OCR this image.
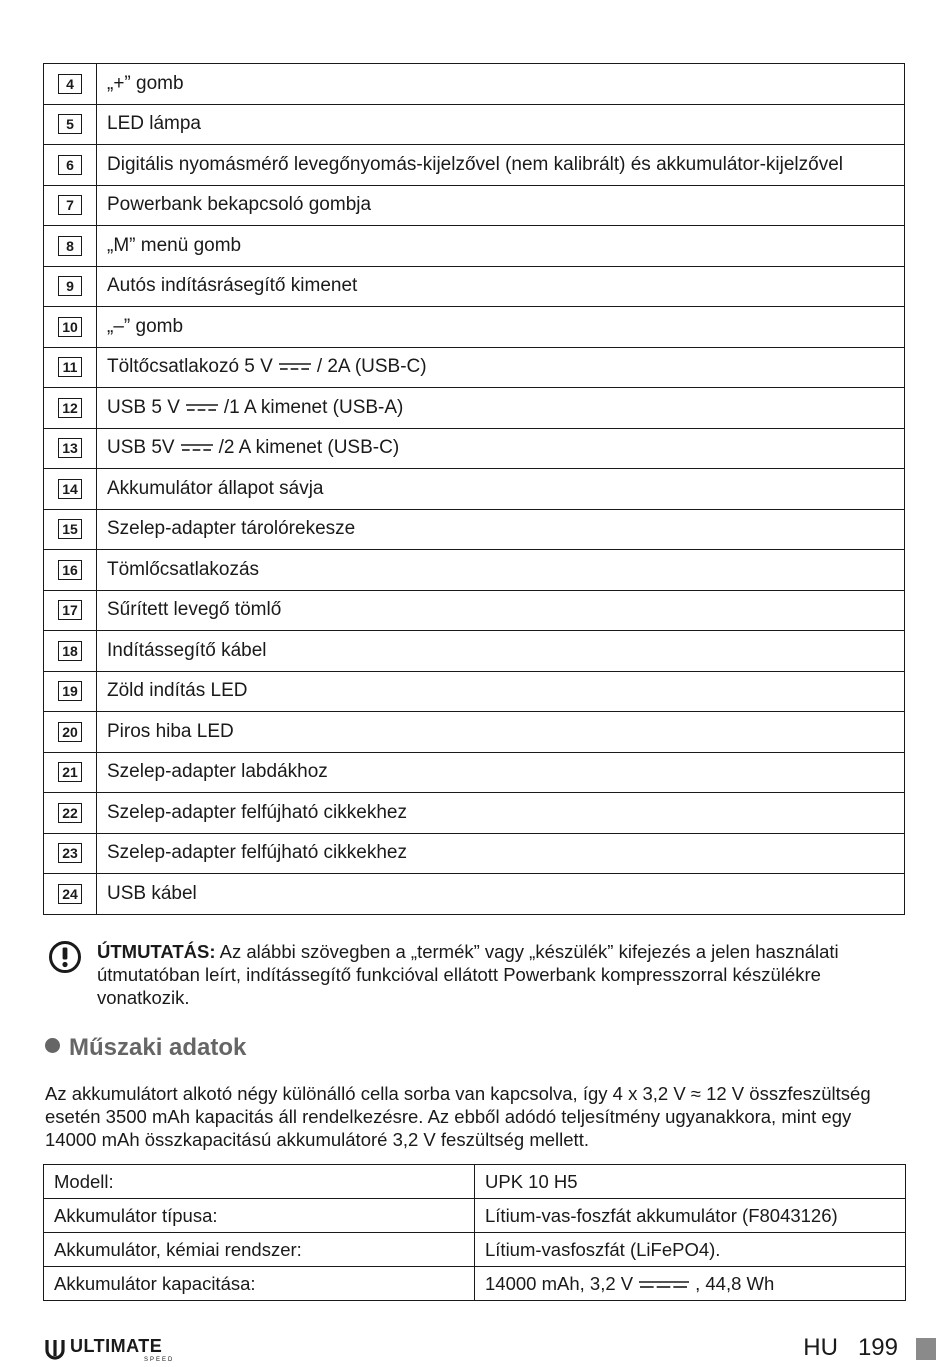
4	„+” gomb
5	LED lámpa
6	Digitális nyomásmérő levegőnyomás-kijelzővel (nem kalibrált) és akkumulátor-kijelzővel
7	Powerbank bekapcsoló gombja
8	„M” menü gomb
9	Autós indításrásegítő kimenet
10	„–” gomb
11	Töltőcsatlakozó 5 V / 2A (USB-C)
12	USB 5 V /1 A kimenet (USB-A)
13	USB 5V /2 A kimenet (USB-C)
14	Akkumulátor állapot sávja
15	Szelep-adapter tárolórekesze
16	Tömlőcsatlakozás
17	Sűrített levegő tömlő
18	Indítássegítő kábel
19	Zöld indítás LED
20	Piros hiba LED
21	Szelep-adapter labdákhoz
22	Szelep-adapter felfújható cikkekhez
23	Szelep-adapter felfújható cikkekhez
24	USB kábel
ÚTMUTATÁS: Az alábbi szövegben a „termék” vagy „készülék” kifejezés a jelen használati útmutatóban leírt, indítássegítő funkcióval ellátott Powerbank kompresszorral készülékre vonatkozik.
Műszaki adatok
Az akkumulátort alkotó négy különálló cella sorba van kapcsolva, így 4 x 3,2 V ≈ 12 V összfeszültség esetén 3500 mAh kapacitás áll rendelkezésre. Az ebből adódó teljesítmény ugyanakkora, mint egy 14000 mAh összkapacitású akkumulátoré 3,2 V feszültség mellett.
Modell:	UPK 10 H5
Akkumulátor típusa:	Lítium-vas-foszfát akkumulátor (F8043126)
Akkumulátor, kémiai rendszer:	Lítium-vasfoszfát (LiFePO4).
Akkumulátor kapacitása:	14000 mAh, 3,2 V , 44,8 Wh
ULTIMATE
SPEED	HU 199
